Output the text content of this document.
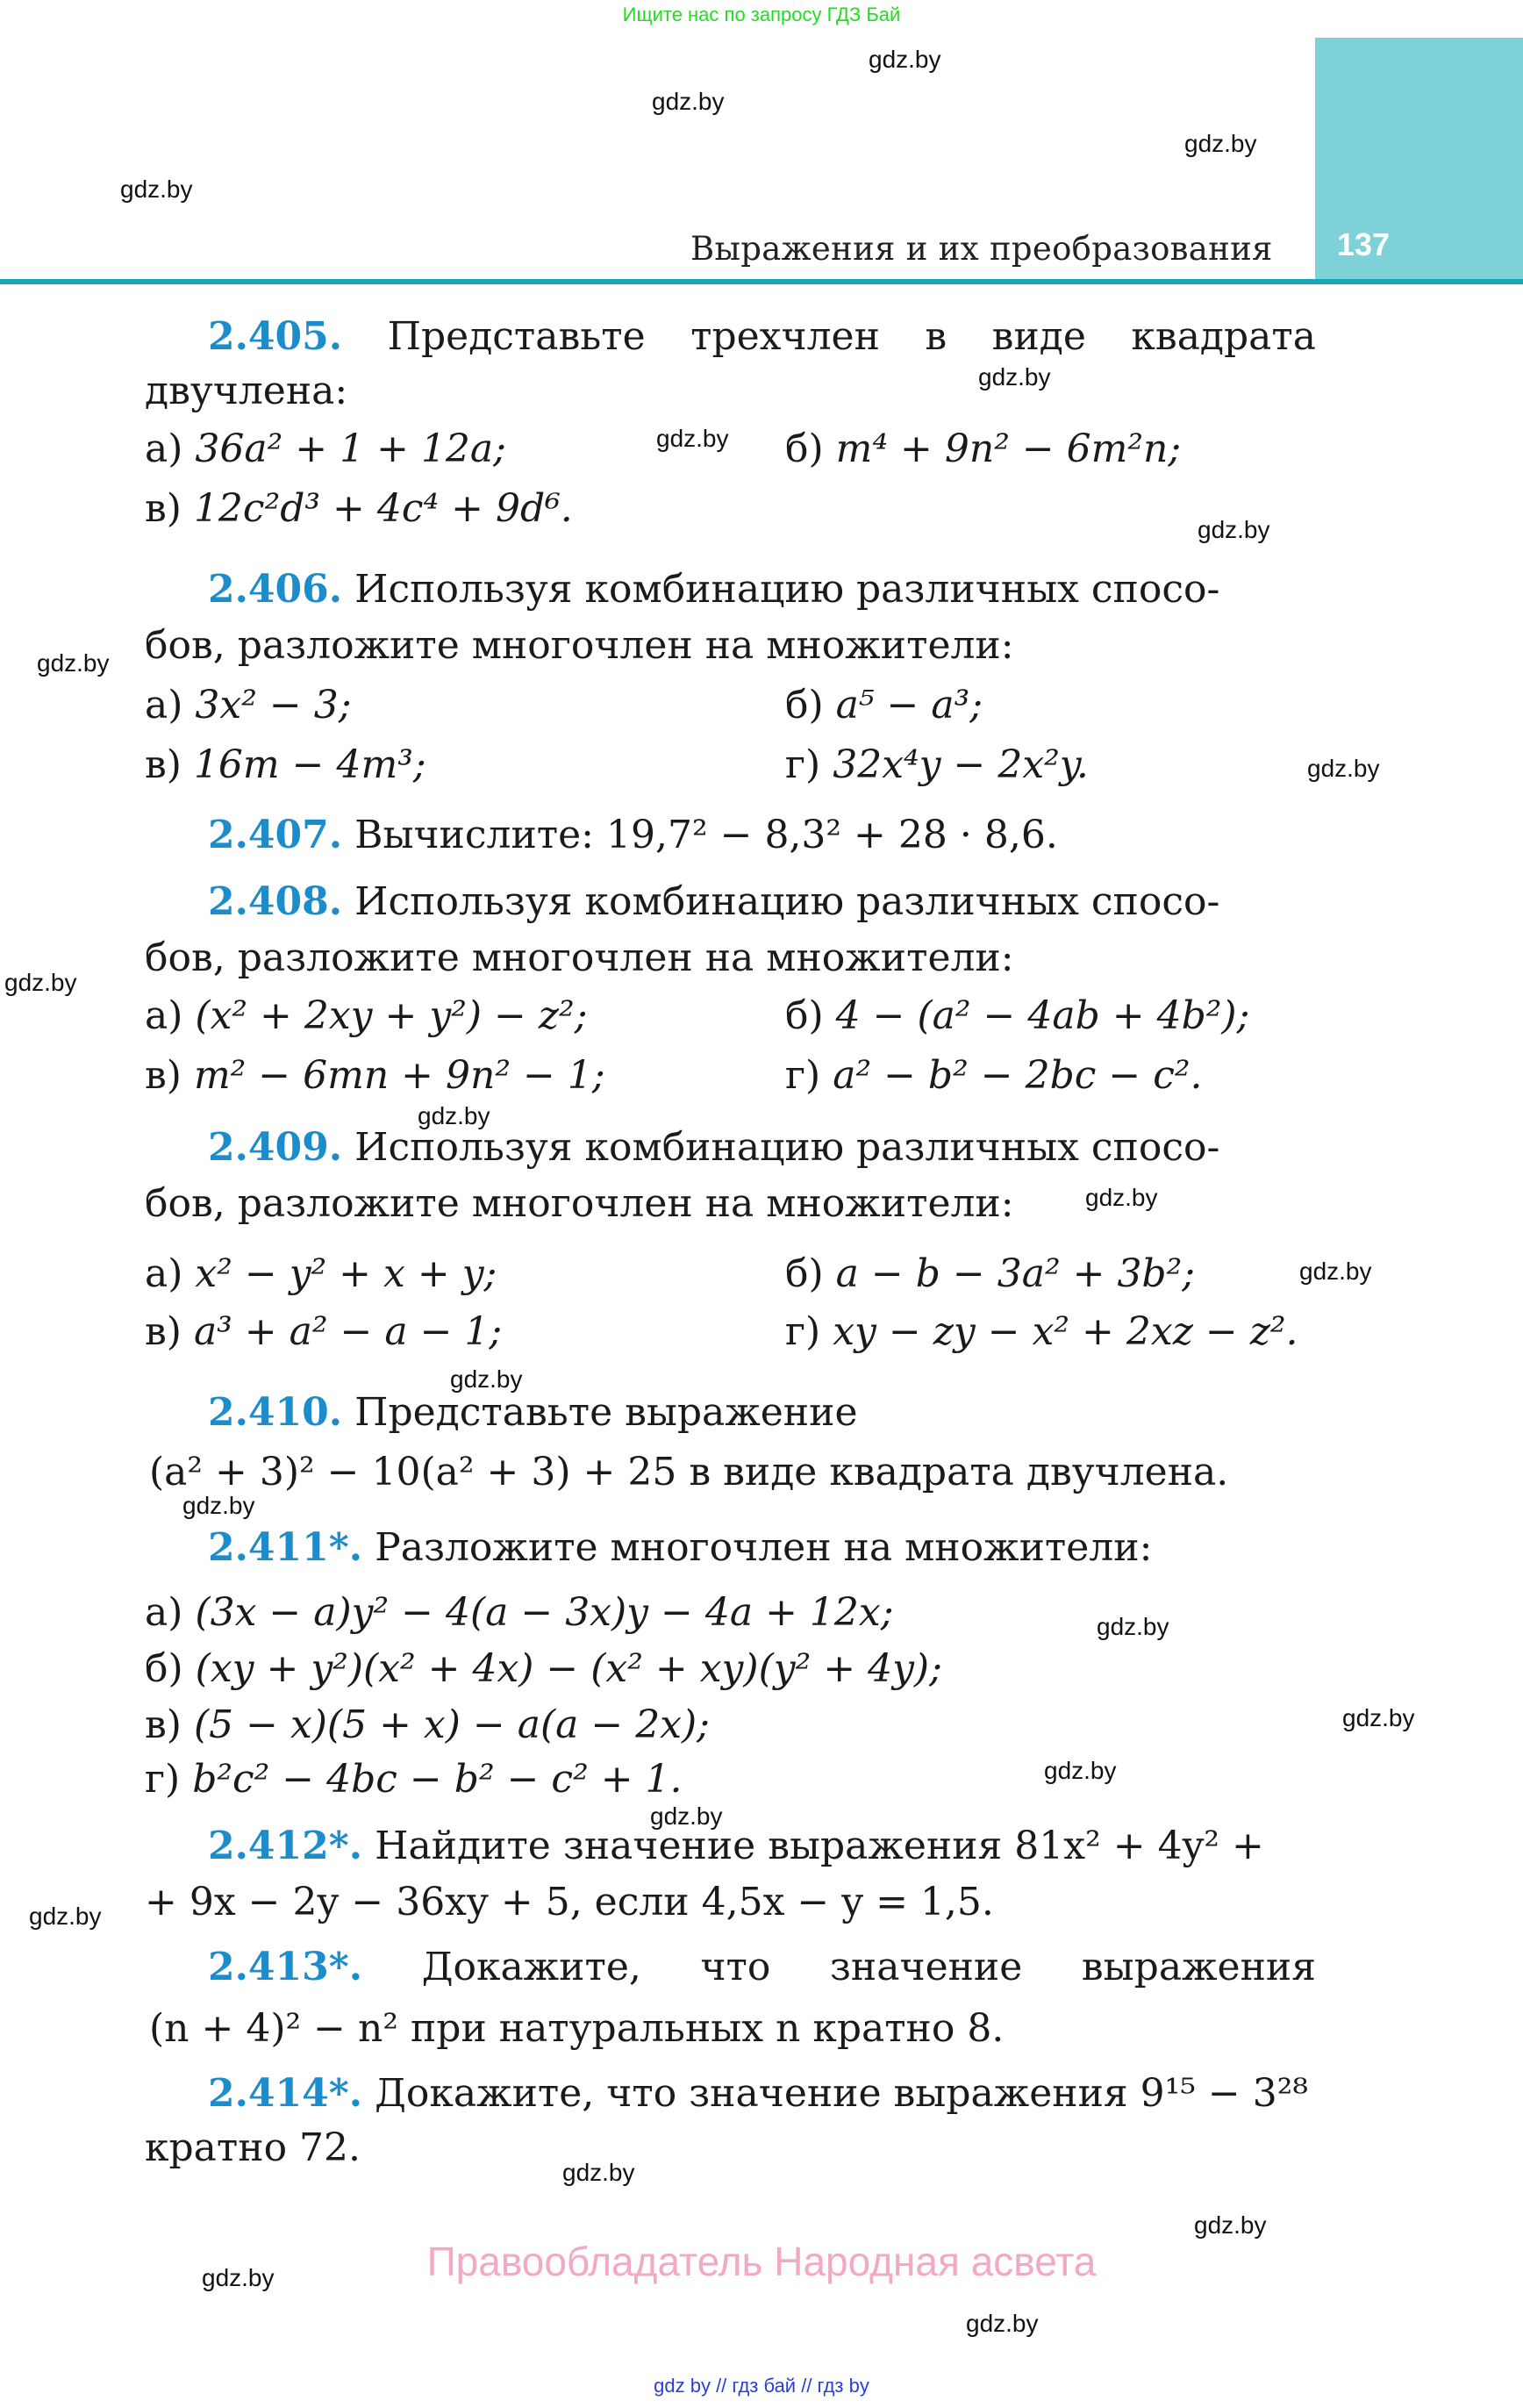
Ищите нас по запросу ГДЗ Бай
137
Выражения и их преобразования
gdz.by
gdz.by
gdz.by
gdz.by
gdz.by
gdz.by
gdz.by
gdz.by
gdz.by
gdz.by
gdz.by
gdz.by
gdz.by
gdz.by
gdz.by
gdz.by
gdz.by
gdz.by
gdz.by
gdz.by
gdz.by
gdz.by
gdz.by
gdz.by
2.405. Представьте трехчлен в виде квадрата
двучлена:
а) 36a² + 1 + 12a;	б) m⁴ + 9n² − 6m²n;
в) 12c²d³ + 4c⁴ + 9d⁶.
2.406. Используя комбинацию различных спосо-
бов, разложите многочлен на множители:
а) 3x² − 3;	б) a⁵ − a³;
в) 16m − 4m³;	г) 32x⁴y − 2x²y.
2.407. Вычислите: 19,7² − 8,3² + 28 · 8,6.
2.408. Используя комбинацию различных спосо-
бов, разложите многочлен на множители:
а) (x² + 2xy + y²) − z²;	б) 4 − (a² − 4ab + 4b²);
в) m² − 6mn + 9n² − 1;	г) a² − b² − 2bc − c².
2.409. Используя комбинацию различных спосо-
бов, разложите многочлен на множители:
а) x² − y² + x + y;	б) a − b − 3a² + 3b²;
в) a³ + a² − a − 1;	г) xy − zy − x² + 2xz − z².
2.410. Представьте выражение
(a² + 3)² − 10(a² + 3) + 25 в виде квадрата двучлена.
2.411*. Разложите многочлен на множители:
а) (3x − a)y² − 4(a − 3x)y − 4a + 12x;
б) (xy + y²)(x² + 4x) − (x² + xy)(y² + 4y);
в) (5 − x)(5 + x) − a(a − 2x);
г) b²c² − 4bc − b² − c² + 1.
2.412*. Найдите значение выражения 81x² + 4y² +
+ 9x − 2y − 36xy + 5, если 4,5x − y = 1,5.
2.413*. Докажите, что значение выражения
(n + 4)² − n² при натуральных n кратно 8.
2.414*. Докажите, что значение выражения 9¹⁵ − 3²⁸
кратно 72.
Правообладатель Народная асвета
gdz by // гдз бай // гдз by
